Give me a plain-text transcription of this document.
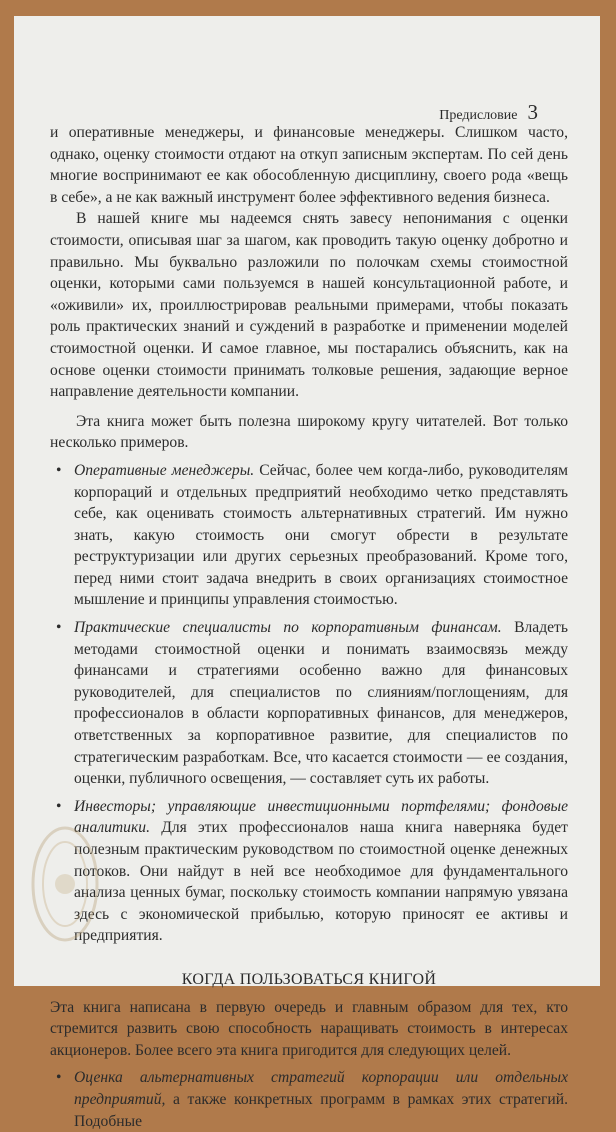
Предисловие 3

и оперативные менеджеры, и финансовые менеджеры. Слишком часто, однако, оценку стоимости отдают на откуп записным экспертам. По сей день многие воспринимают ее как обособленную дисциплину, своего рода «вещь в себе», а не как важный инструмент более эффективного ведения бизнеса.

В нашей книге мы надеемся снять завесу непонимания с оценки стоимости, описывая шаг за шагом, как проводить такую оценку добротно и правильно. Мы буквально разложили по полочкам схемы стоимостной оценки, которыми сами пользуемся в нашей консультационной работе, и «оживили» их, проиллюстрировав реальными примерами, чтобы показать роль практических знаний и суждений в разработке и применении моделей стоимостной оценки. И самое главное, мы постарались объяснить, как на основе оценки стоимости принимать толковые решения, задающие верное направление деятельности компании.

Эта книга может быть полезна широкому кругу читателей. Вот только несколько примеров.

• Оперативные менеджеры. Сейчас, более чем когда-либо, руководителям корпораций и отдельных предприятий необходимо четко представлять себе, как оценивать стоимость альтернативных стратегий. Им нужно знать, какую стоимость они смогут обрести в результате реструктуризации или других серьезных преобразований. Кроме того, перед ними стоит задача внедрить в своих организациях стоимостное мышление и принципы управления стоимостью.
• Практические специалисты по корпоративным финансам. Владеть методами стоимостной оценки и понимать взаимосвязь между финансами и стратегиями особенно важно для финансовых руководителей, для специалистов по слияниям/поглощениям, для профессионалов в области корпоративных финансов, для менеджеров, ответственных за корпоративное развитие, для специалистов по стратегическим разработкам. Все, что касается стоимости — ее создания, оценки, публичного освещения, — составляет суть их работы.
• Инвесторы; управляющие инвестиционными портфелями; фондовые аналитики. Для этих профессионалов наша книга наверняка будет полезным практическим руководством по стоимостной оценке денежных потоков. Они найдут в ней все необходимое для фундаментального анализа ценных бумаг, поскольку стоимость компании напрямую увязана здесь с экономической прибылью, которую приносят ее активы и предприятия.
КОГДА ПОЛЬЗОВАТЬСЯ КНИГОЙ

Эта книга написана в первую очередь и главным образом для тех, кто стремится развить свою способность наращивать стоимость в интересах акционеров. Более всего эта книга пригодится для следующих целей.

• Оценка альтернативных стратегий корпорации или отдельных предприятий, а также конкретных программ в рамках этих стратегий. Подобные
